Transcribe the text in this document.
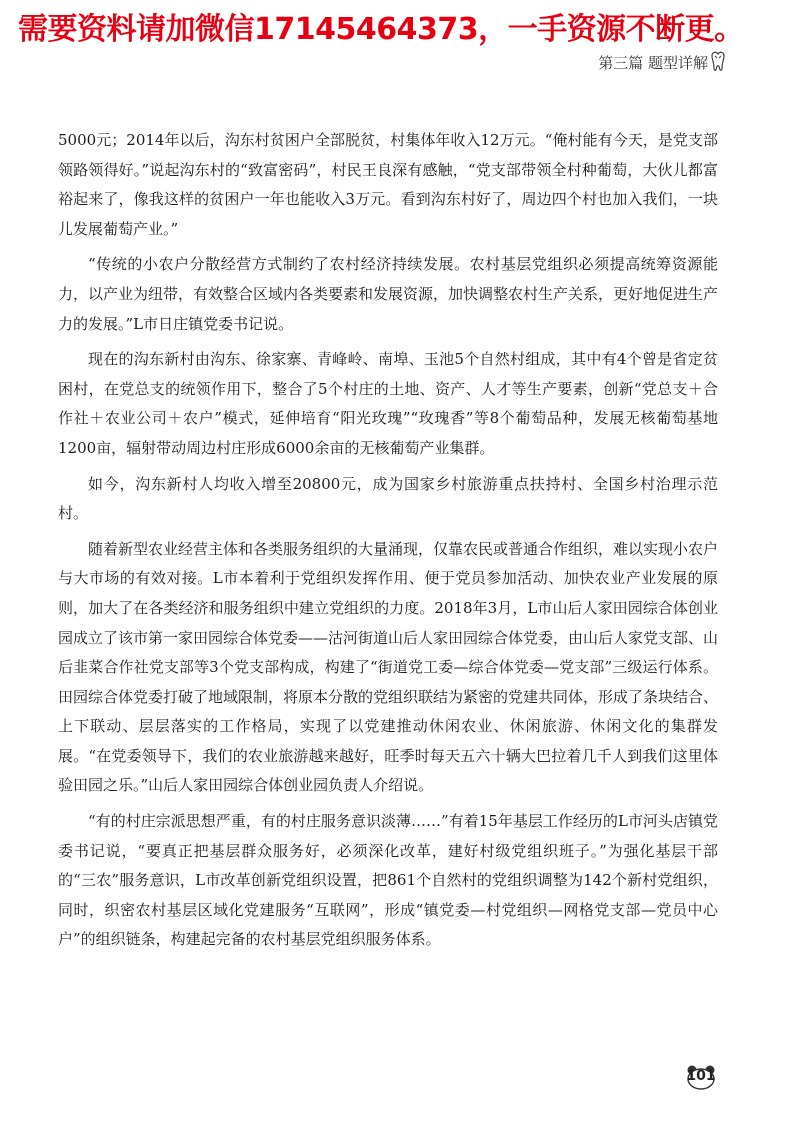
需要资料请加微信17145464373，一手资源不断更。
第三篇 题型详解

5000元；2014年以后，沟东村贫困户全部脱贫，村集体年收入12万元。“俺村能有今天，是党支部领路领得好。”说起沟东村的“致富密码”，村民王良深有感触，“党支部带领全村种葡萄，大伙儿都富裕起来了，像我这样的贫困户一年也能收入3万元。看到沟东村好了，周边四个村也加入我们，一块儿发展葡萄产业。”

“传统的小农户分散经营方式制约了农村经济持续发展。农村基层党组织必须提高统筹资源能力，以产业为纽带，有效整合区域内各类要素和发展资源，加快调整农村生产关系，更好地促进生产力的发展。”L市日庄镇党委书记说。

现在的沟东新村由沟东、徐家寨、青峰岭、南埠、玉池5个自然村组成，其中有4个曾是省定贫困村，在党总支的统领作用下，整合了5个村庄的土地、资产、人才等生产要素，创新“党总支＋合作社＋农业公司＋农户”模式，延伸培育“阳光玫瑰”“玫瑰香”等8个葡萄品种，发展无核葡萄基地1200亩，辐射带动周边村庄形成6000余亩的无核葡萄产业集群。

如今，沟东新村人均收入增至20800元，成为国家乡村旅游重点扶持村、全国乡村治理示范村。

随着新型农业经营主体和各类服务组织的大量涌现，仅靠农民或普通合作组织，难以实现小农户与大市场的有效对接。L市本着利于党组织发挥作用、便于党员参加活动、加快农业产业发展的原则，加大了在各类经济和服务组织中建立党组织的力度。2018年3月，L市山后人家田园综合体创业园成立了该市第一家田园综合体党委——沽河街道山后人家田园综合体党委，由山后人家党支部、山后韭菜合作社党支部等3个党支部构成，构建了“街道党工委—综合体党委—党支部”三级运行体系。田园综合体党委打破了地域限制，将原本分散的党组织联结为紧密的党建共同体，形成了条块结合、上下联动、层层落实的工作格局，实现了以党建推动休闲农业、休闲旅游、休闲文化的集群发展。“在党委领导下，我们的农业旅游越来越好，旺季时每天五六十辆大巴拉着几千人到我们这里体验田园之乐。”山后人家田园综合体创业园负责人介绍说。

“有的村庄宗派思想严重，有的村庄服务意识淡薄……”有着15年基层工作经历的L市河头店镇党委书记说，“要真正把基层群众服务好，必须深化改革，建好村级党组织班子。”为强化基层干部的“三农”服务意识，L市改革创新党组织设置，把861个自然村的党组织调整为142个新村党组织，同时，织密农村基层区域化党建服务“互联网”，形成“镇党委—村党组织—网格党支部—党员中心户”的组织链条，构建起完备的农村基层党组织服务体系。

101
